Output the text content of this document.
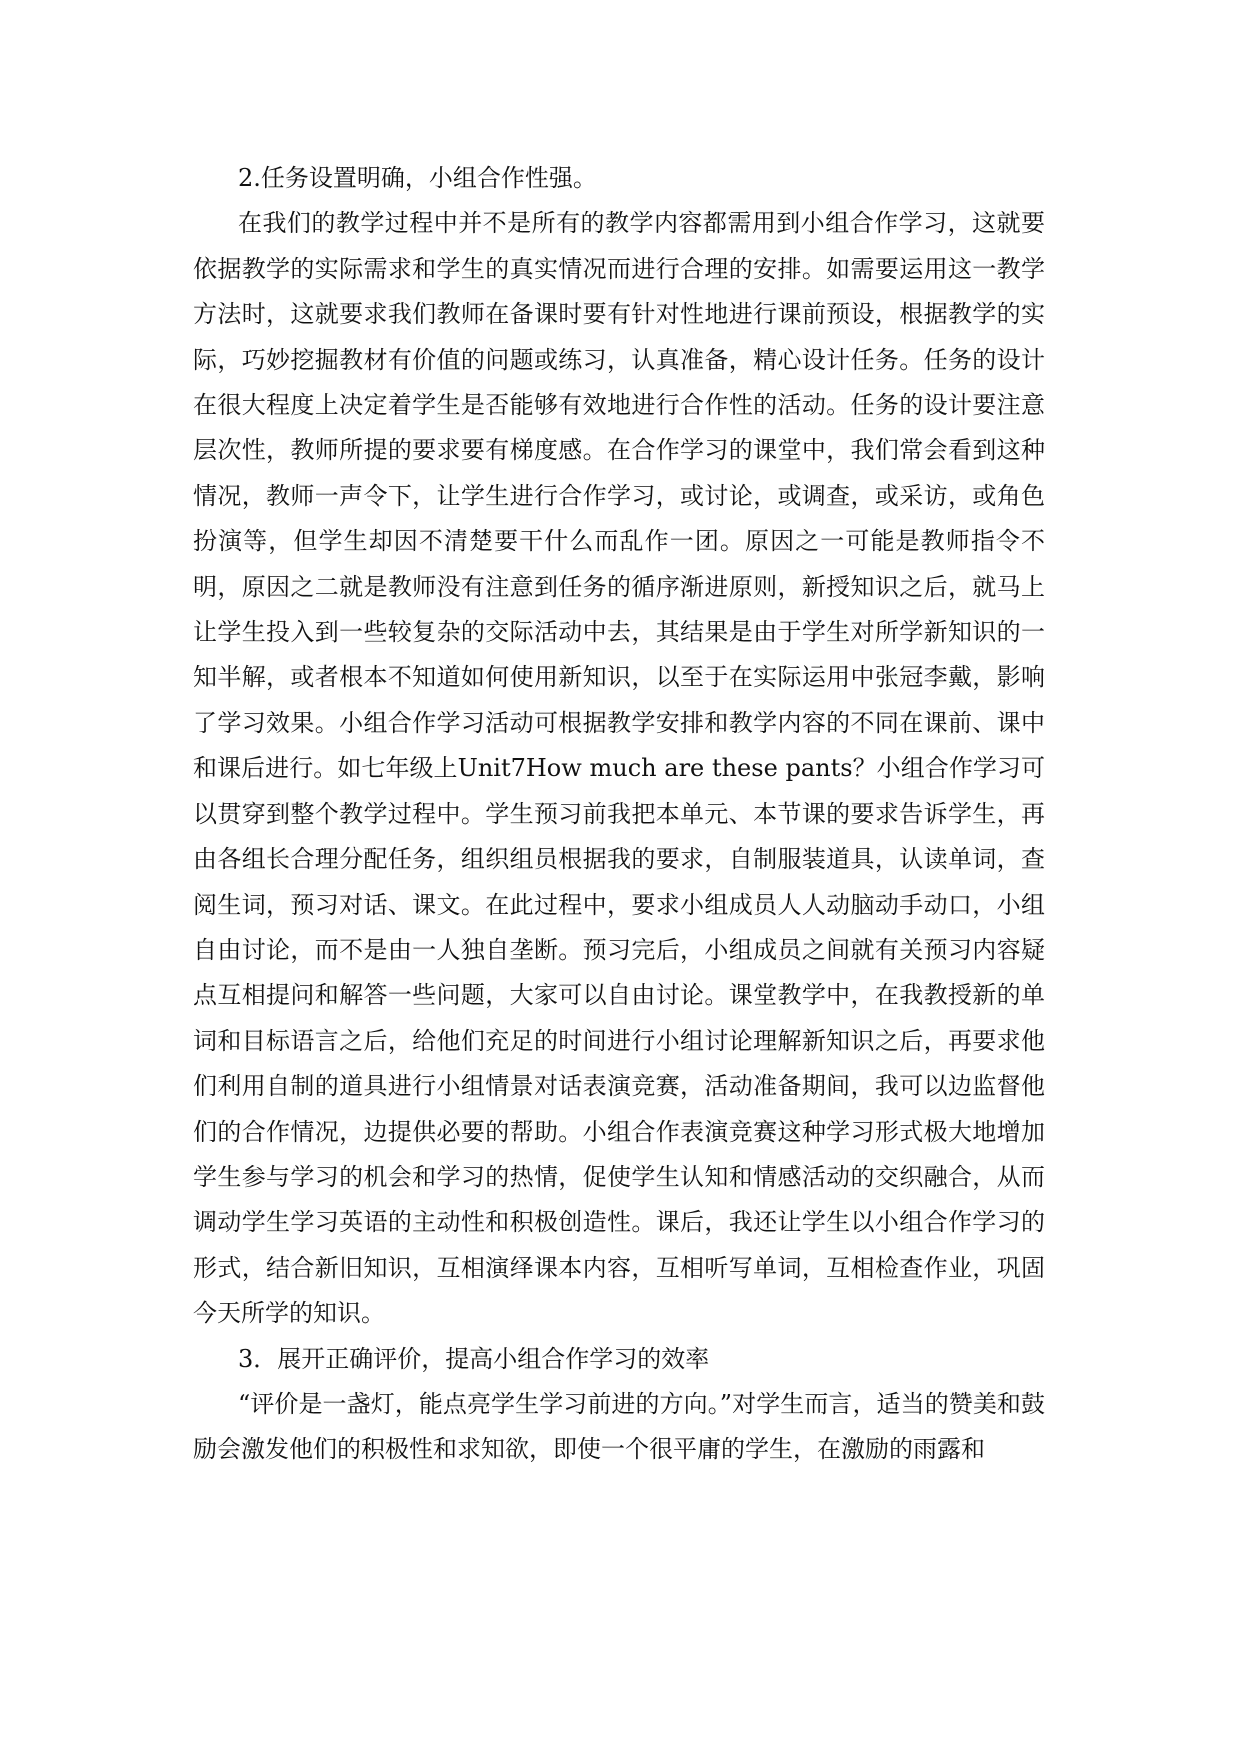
2.任务设置明确，小组合作性强。

在我们的教学过程中并不是所有的教学内容都需用到小组合作学习，这就要依据教学的实际需求和学生的真实情况而进行合理的安排。如需要运用这一教学方法时，这就要求我们教师在备课时要有针对性地进行课前预设，根据教学的实际，巧妙挖掘教材有价值的问题或练习，认真准备，精心设计任务。任务的设计在很大程度上决定着学生是否能够有效地进行合作性的活动。任务的设计要注意层次性，教师所提的要求要有梯度感。在合作学习的课堂中，我们常会看到这种情况，教师一声令下，让学生进行合作学习，或讨论，或调查，或采访，或角色扮演等，但学生却因不清楚要干什么而乱作一团。原因之一可能是教师指令不明，原因之二就是教师没有注意到任务的循序渐进原则，新授知识之后，就马上让学生投入到一些较复杂的交际活动中去，其结果是由于学生对所学新知识的一知半解，或者根本不知道如何使用新知识，以至于在实际运用中张冠李戴，影响了学习效果。小组合作学习活动可根据教学安排和教学内容的不同在课前、课中和课后进行。如七年级上Unit7How much are these pants？小组合作学习可以贯穿到整个教学过程中。学生预习前我把本单元、本节课的要求告诉学生，再由各组长合理分配任务，组织组员根据我的要求，自制服装道具，认读单词，查阅生词，预习对话、课文。在此过程中，要求小组成员人人动脑动手动口，小组自由讨论，而不是由一人独自垄断。预习完后，小组成员之间就有关预习内容疑点互相提问和解答一些问题，大家可以自由讨论。课堂教学中，在我教授新的单词和目标语言之后，给他们充足的时间进行小组讨论理解新知识之后，再要求他们利用自制的道具进行小组情景对话表演竞赛，活动准备期间，我可以边监督他们的合作情况，边提供必要的帮助。小组合作表演竞赛这种学习形式极大地增加学生参与学习的机会和学习的热情，促使学生认知和情感活动的交织融合，从而调动学生学习英语的主动性和积极创造性。课后，我还让学生以小组合作学习的形式，结合新旧知识，互相演绎课本内容，互相听写单词，互相检查作业，巩固今天所学的知识。

3．展开正确评价，提高小组合作学习的效率

“评价是一盏灯，能点亮学生学习前进的方向。”对学生而言，适当的赞美和鼓励会激发他们的积极性和求知欲，即使一个很平庸的学生，在激励的雨露和
